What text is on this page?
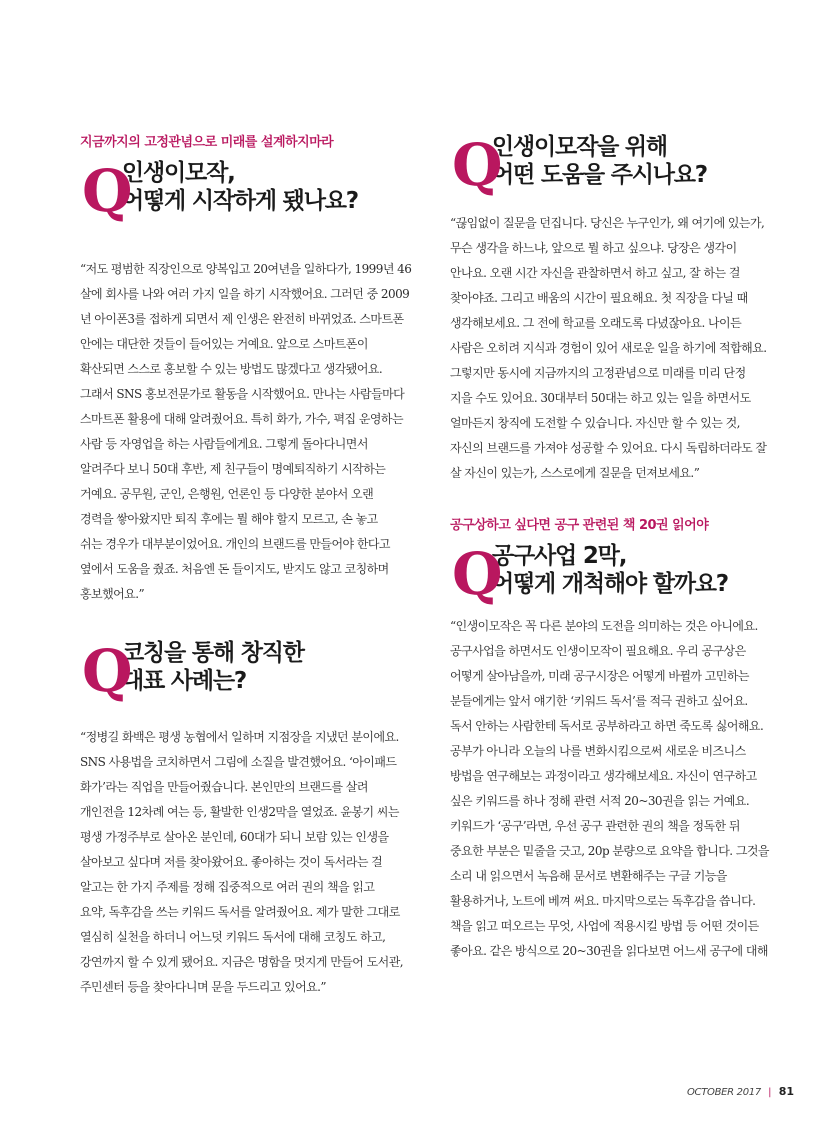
지금까지의 고정관념으로 미래를 설계하지마라
Q
인생이모작,
어떻게 시작하게 됐나요?
“저도 평범한 직장인으로 양복입고 20여년을 일하다가, 1999년 46
살에 회사를 나와 여러 가지 일을 하기 시작했어요. 그러던 중 2009
년 아이폰3를 접하게 되면서 제 인생은 완전히 바뀌었죠. 스마트폰
안에는 대단한 것들이 들어있는 거예요. 앞으로 스마트폰이
확산되면 스스로 홍보할 수 있는 방법도 많겠다고 생각됐어요.
그래서 SNS 홍보전문가로 활동을 시작했어요. 만나는 사람들마다
스마트폰 활용에 대해 알려줬어요. 특히 화가, 가수, 펵집 운영하는
사람 등 자영업을 하는 사람들에게요. 그렇게 돌아다니면서
알려주다 보니 50대 후반, 제 친구들이 명예퇴직하기 시작하는
거예요. 공무원, 군인, 은행원, 언론인 등 다양한 분야서 오랜
경력을 쌓아왔지만 퇴직 후에는 뭘 해야 할지 모르고, 손 놓고
쉬는 경우가 대부분이었어요. 개인의 브랜드를 만들어야 한다고
옆에서 도움을 줬죠. 처음엔 돈 들이지도, 받지도 않고 코칭하며
홍보했어요.”
Q
코칭을 통해 창직한
대표 사례는?
“정병길 화백은 평생 농협에서 일하며 지점장을 지냈던 분이에요.
SNS 사용법을 코치하면서 그림에 소질을 발견했어요. ‘아이패드
화가’라는 직업을 만들어줬습니다. 본인만의 브랜드를 살려
개인전을 12차례 여는 등, 활발한 인생2막을 열었죠. 윤봉기 씨는
평생 가정주부로 살아온 분인데, 60대가 되니 보람 있는 인생을
살아보고 싶다며 저를 찾아왔어요. 좋아하는 것이 독서라는 걸
알고는 한 가지 주제를 정해 집중적으로 여러 권의 책을 읽고
요약, 독후감을 쓰는 키워드 독서를 알려줬어요. 제가 말한 그대로
열심히 실천을 하더니 어느덧 키워드 독서에 대해 코칭도 하고,
강연까지 할 수 있게 됐어요. 지금은 명함을 멋지게 만들어 도서관,
주민센터 등을 찾아다니며 문을 두드리고 있어요.”
Q
인생이모작을 위해
어떤 도움을 주시나요?
“끊임없이 질문을 던집니다. 당신은 누구인가, 왜 여기에 있는가,
무슨 생각을 하느냐, 앞으로 뭘 하고 싶으냐. 당장은 생각이
안나요. 오랜 시간 자신을 관찰하면서 하고 싶고, 잘 하는 걸
찾아야죠. 그리고 배움의 시간이 필요해요. 첫 직장을 다닐 때
생각해보세요. 그 전에 학교를 오래도록 다녔잖아요. 나이든
사람은 오히려 지식과 경험이 있어 새로운 일을 하기에 적합해요.
그렇지만 동시에 지금까지의 고정관념으로 미래를 미리 단정
지을 수도 있어요. 30대부터 50대는 하고 있는 일을 하면서도
얼마든지 창직에 도전할 수 있습니다. 자신만 할 수 있는 것,
자신의 브랜드를 가져야 성공할 수 있어요. 다시 독립하더라도 잘
살 자신이 있는가, 스스로에게 질문을 던져보세요.”
공구상하고 싶다면 공구 관련된 책 20권 읽어야
Q
공구사업 2막,
어떻게 개척해야 할까요?
“인생이모작은 꼭 다른 분야의 도전을 의미하는 것은 아니에요.
공구사업을 하면서도 인생이모작이 필요해요. 우리 공구상은
어떻게 살아남을까, 미래 공구시장은 어떻게 바뀔까 고민하는
분들에게는 앞서 얘기한 ‘키워드 독서’를 적극 권하고 싶어요.
독서 안하는 사람한테 독서로 공부하라고 하면 죽도록 싫어해요.
공부가 아니라 오늘의 나를 변화시킴으로써 새로운 비즈니스
방법을 연구해보는 과정이라고 생각해보세요. 자신이 연구하고
싶은 키워드를 하나 정해 관련 서적 20~30권을 읽는 거예요.
키워드가 ‘공구’라면, 우선 공구 관련한 권의 책을 정독한 뒤
중요한 부분은 밑줄을 긋고, 20p 분량으로 요약을 합니다. 그것을
소리 내 읽으면서 녹음해 문서로 변환해주는 구글 기능을
활용하거나, 노트에 베껴 써요. 마지막으로는 독후감을 씁니다.
책을 읽고 떠오르는 무엇, 사업에 적용시킬 방법 등 어떤 것이든
좋아요. 같은 방식으로 20~30권을 읽다보면 어느새 공구에 대해
OCTOBER 2017 | 81
